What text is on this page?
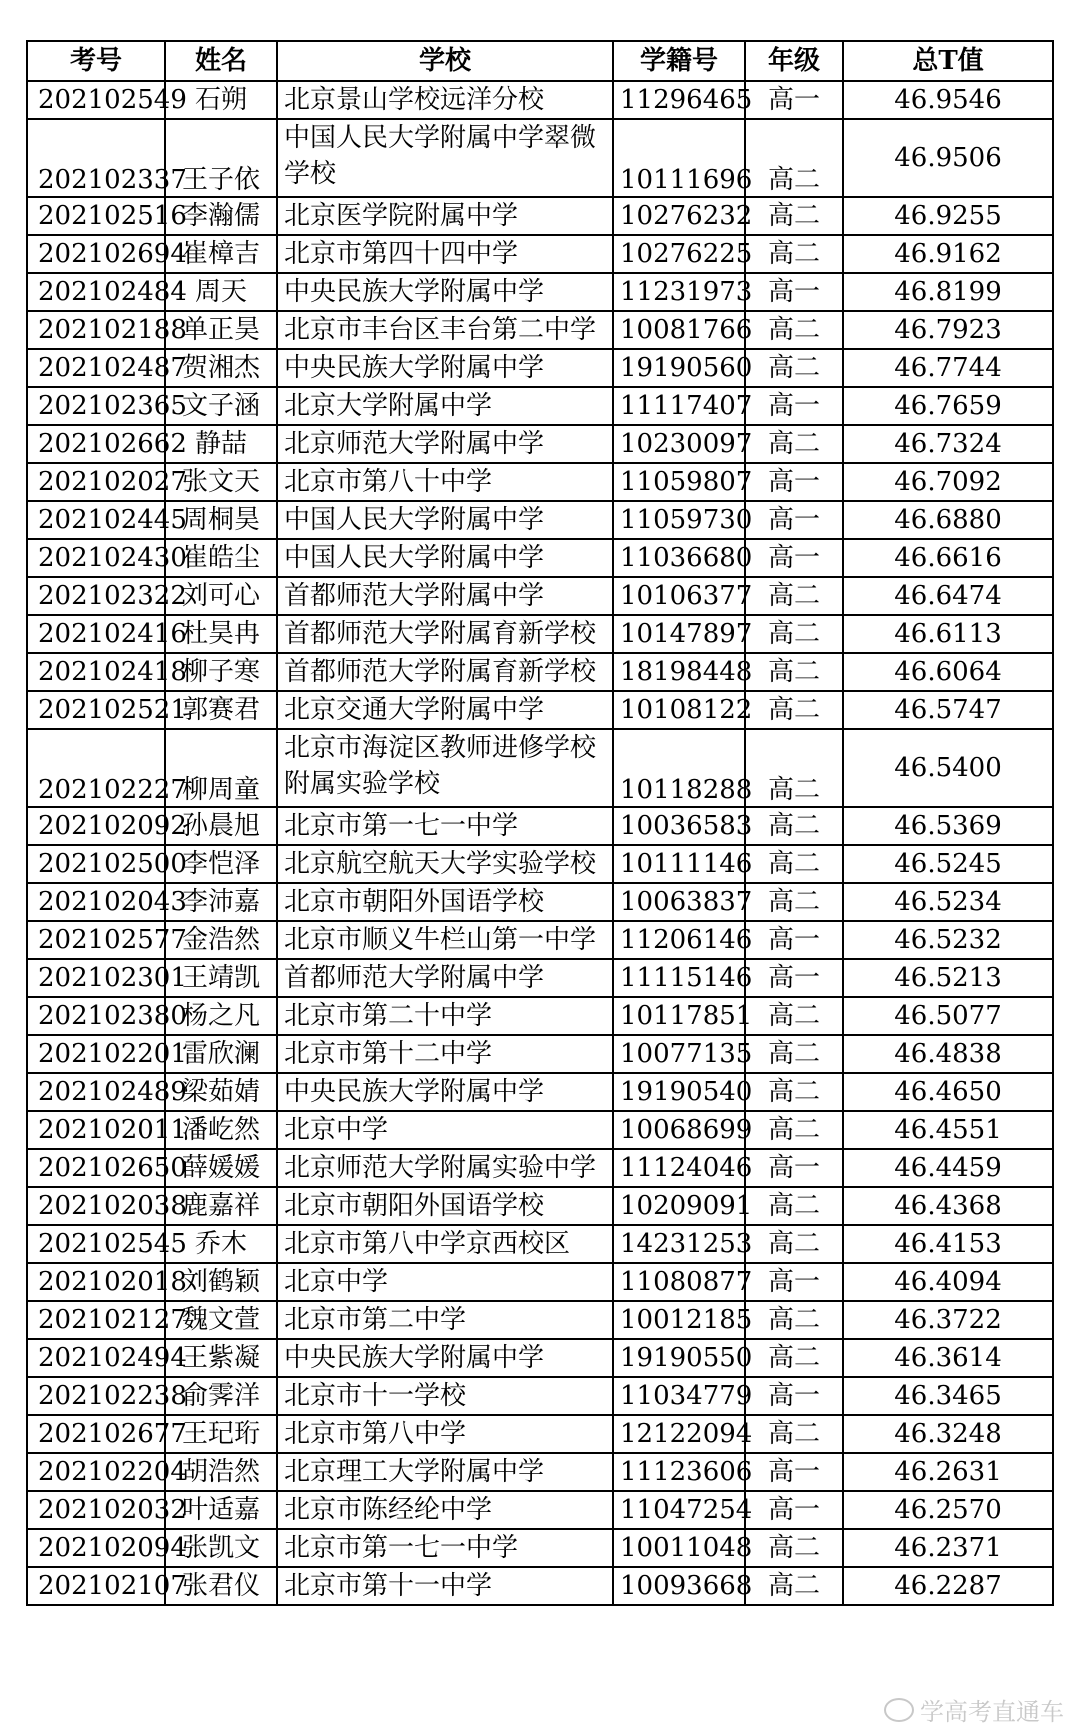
考号	姓名	学校	学籍号	年级	总T值
202102549	石朔	北京景山学校远洋分校	11296465	高一	46.9546
202102337	王子依	中国人民大学附属中学翠微学校	10111696	高二	46.9506
202102516	李瀚儒	北京医学院附属中学	10276232	高二	46.9255
202102694	崔樟吉	北京市第四十四中学	10276225	高二	46.9162
202102484	周天	中央民族大学附属中学	11231973	高一	46.8199
202102188	单正昊	北京市丰台区丰台第二中学	10081766	高二	46.7923
202102487	贺湘杰	中央民族大学附属中学	19190560	高二	46.7744
202102365	文子涵	北京大学附属中学	11117407	高一	46.7659
202102662	静喆	北京师范大学附属中学	10230097	高二	46.7324
202102027	张文天	北京市第八十中学	11059807	高一	46.7092
202102445	周桐昊	中国人民大学附属中学	11059730	高一	46.6880
202102430	崔皓尘	中国人民大学附属中学	11036680	高一	46.6616
202102322	刘可心	首都师范大学附属中学	10106377	高二	46.6474
202102416	杜昊冉	首都师范大学附属育新学校	10147897	高二	46.6113
202102418	柳子寒	首都师范大学附属育新学校	18198448	高二	46.6064
202102521	郭赛君	北京交通大学附属中学	10108122	高二	46.5747
202102227	柳周童	北京市海淀区教师进修学校附属实验学校	10118288	高二	46.5400
202102092	孙晨旭	北京市第一七一中学	10036583	高二	46.5369
202102500	李恺泽	北京航空航天大学实验学校	10111146	高二	46.5245
202102043	李沛嘉	北京市朝阳外国语学校	10063837	高二	46.5234
202102577	金浩然	北京市顺义牛栏山第一中学	11206146	高一	46.5232
202102301	王靖凯	首都师范大学附属中学	11115146	高一	46.5213
202102380	杨之凡	北京市第二十中学	10117851	高二	46.5077
202102201	雷欣澜	北京市第十二中学	10077135	高二	46.4838
202102489	梁茹婧	中央民族大学附属中学	19190540	高二	46.4650
202102011	潘屹然	北京中学	10068699	高二	46.4551
202102650	薛媛媛	北京师范大学附属实验中学	11124046	高一	46.4459
202102038	鹿嘉祥	北京市朝阳外国语学校	10209091	高二	46.4368
202102545	乔木	北京市第八中学京西校区	14231253	高二	46.4153
202102018	刘鹤颖	北京中学	11080877	高一	46.4094
202102127	魏文萱	北京市第二中学	10012185	高二	46.3722
202102494	王紫凝	中央民族大学附属中学	19190550	高二	46.3614
202102238	俞霁洋	北京市十一学校	11034779	高一	46.3465
202102677	王玘珩	北京市第八中学	12122094	高二	46.3248
202102204	胡浩然	北京理工大学附属中学	11123606	高一	46.2631
202102032	叶适嘉	北京市陈经纶中学	11047254	高一	46.2570
202102094	张凯文	北京市第一七一中学	10011048	高二	46.2371
202102107	张君仪	北京市第十一中学	10093668	高二	46.2287
学高考直通车
